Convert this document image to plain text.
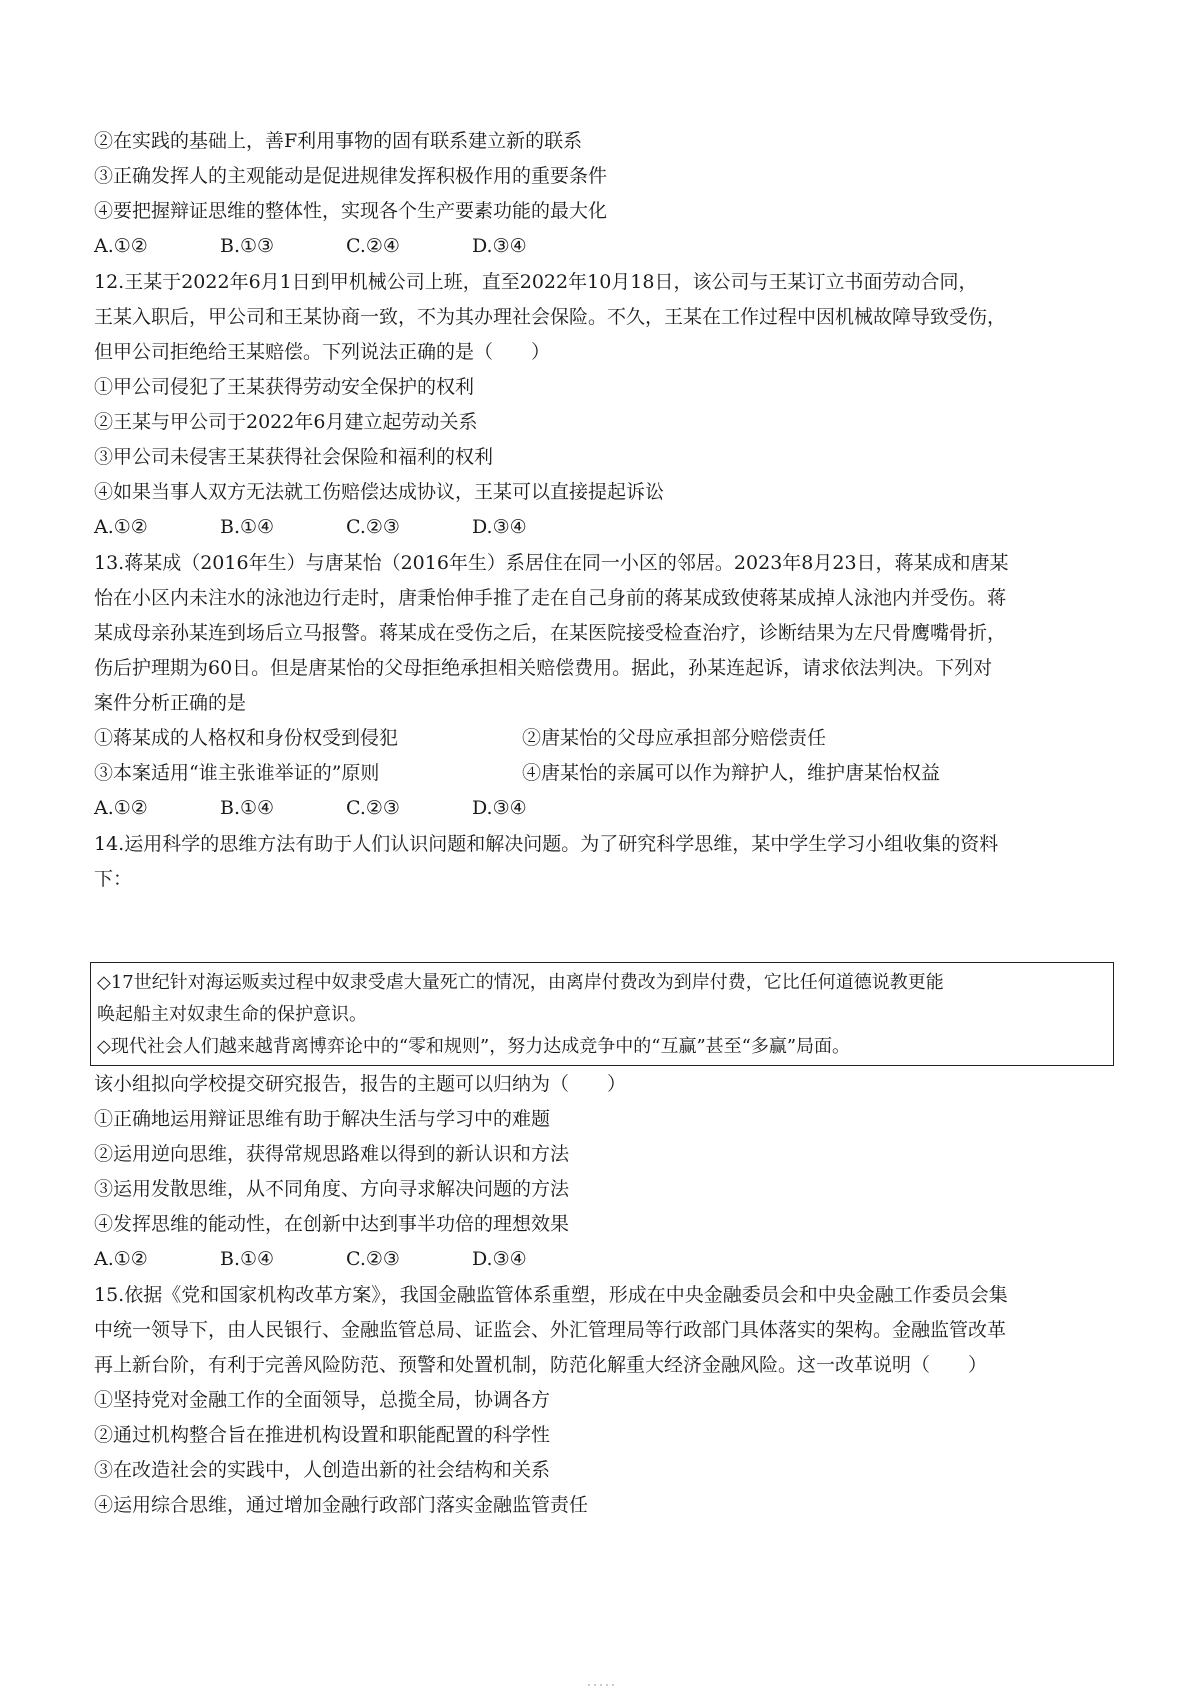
②在实践的基础上，善F利用事物的固有联系建立新的联系
③正确发挥人的主观能动是促进规律发挥积极作用的重要条件
④要把握辩证思维的整体性，实现各个生产要素功能的最大化
A.①②	B.①③	C.②④	D.③④
12.王某于2022年6月1日到甲机械公司上班，直至2022年10月18日，该公司与王某订立书面劳动合同，
王某入职后，甲公司和王某协商一致，不为其办理社会保险。不久，王某在工作过程中因机械故障导致受伤，
但甲公司拒绝给王某赔偿。下列说法正确的是（　　）
①甲公司侵犯了王某获得劳动安全保护的权利
②王某与甲公司于2022年6月建立起劳动关系
③甲公司未侵害王某获得社会保险和福利的权利
④如果当事人双方无法就工伤赔偿达成协议，王某可以直接提起诉讼
A.①②	B.①④	C.②③	D.③④
13.蒋某成（2016年生）与唐某怡（2016年生）系居住在同一小区的邻居。2023年8月23日，蒋某成和唐某
怡在小区内未注水的泳池边行走时，唐秉怡伸手推了走在自己身前的蒋某成致使蒋某成掉人泳池内并受伤。蒋
某成母亲孙某连到场后立马报警。蒋某成在受伤之后，在某医院接受检查治疗，诊断结果为左尺骨鹰嘴骨折，
伤后护理期为60日。但是唐某怡的父母拒绝承担相关赔偿费用。据此，孙某连起诉，请求依法判决。下列对
案件分析正确的是
①蒋某成的人格权和身份权受到侵犯	②唐某怡的父母应承担部分赔偿责任
③本案适用“谁主张谁举证的”原则	④唐某怡的亲属可以作为辩护人，维护唐某怡权益
A.①②	B.①④	C.②③	D.③④
14.运用科学的思维方法有助于人们认识问题和解决问题。为了研究科学思维，某中学生学习小组收集的资料
下：
◇17世纪针对海运贩卖过程中奴隶受虐大量死亡的情况，由离岸付费改为到岸付费，它比任何道德说教更能
唤起船主对奴隶生命的保护意识。
◇现代社会人们越来越背离博弈论中的“零和规则”，努力达成竞争中的“互赢”甚至“多赢”局面。
该小组拟向学校提交研究报告，报告的主题可以归纳为（　　）
①正确地运用辩证思维有助于解决生活与学习中的难题
②运用逆向思维，获得常规思路难以得到的新认识和方法
③运用发散思维，从不同角度、方向寻求解决问题的方法
④发挥思维的能动性，在创新中达到事半功倍的理想效果
A.①②	B.①④	C.②③	D.③④
15.依据《党和国家机构改革方案》，我国金融监管体系重塑，形成在中央金融委员会和中央金融工作委员会集
中统一领导下，由人民银行、金融监管总局、证监会、外汇管理局等行政部门具体落实的架构。金融监管改革
再上新台阶，有利于完善风险防范、预警和处置机制，防范化解重大经济金融风险。这一改革说明（　　）
①坚持党对金融工作的全面领导，总揽全局，协调各方
②通过机构整合旨在推进机构设置和职能配置的科学性
③在改造社会的实践中，人创造出新的社会结构和关系
④运用综合思维，通过增加金融行政部门落实金融监管责任
